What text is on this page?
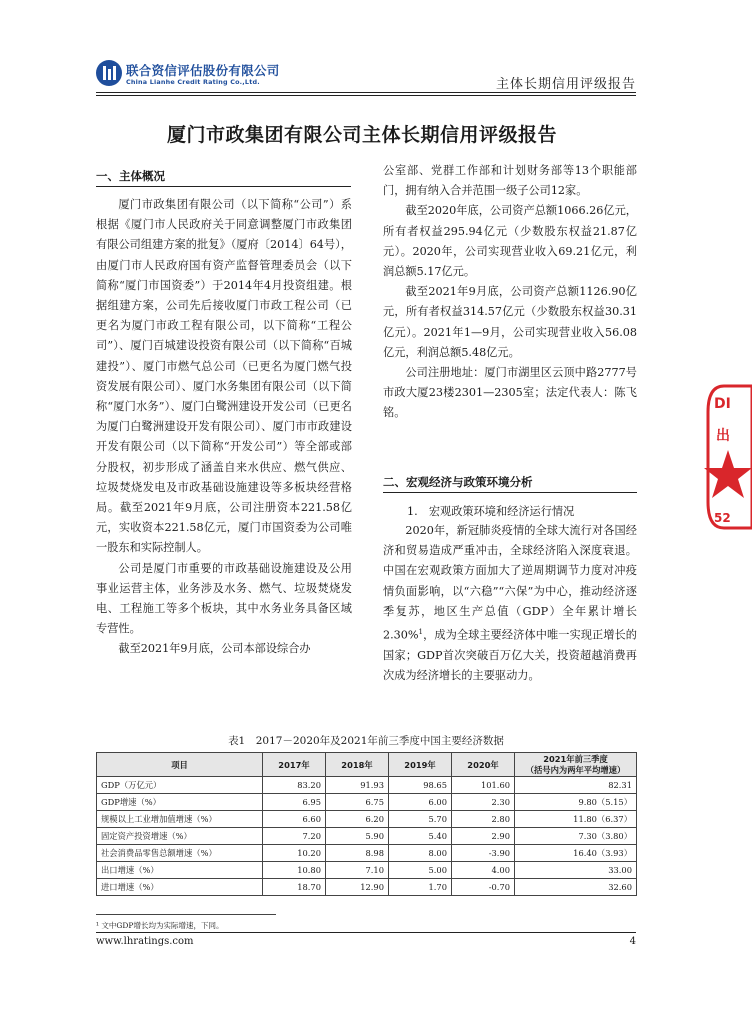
联合资信评估股份有限公司
China Lianhe Credit Rating Co.,Ltd.	主体长期信用评级报告
厦门市政集团有限公司主体长期信用评级报告
一、主体概况

厦门市政集团有限公司（以下简称“公司”）系根据《厦门市人民政府关于同意调整厦门市政集团有限公司组建方案的批复》（厦府〔2014〕64号），由厦门市人民政府国有资产监督管理委员会（以下简称“厦门市国资委”）于2014年4月投资组建。根据组建方案，公司先后接收厦门市政工程公司（已更名为厦门市政工程有限公司，以下简称“工程公司”）、厦门百城建设投资有限公司（以下简称“百城建投”）、厦门市燃气总公司（已更名为厦门燃气投资发展有限公司）、厦门水务集团有限公司（以下简称“厦门水务”）、厦门白鹭洲建设开发公司（已更名为厦门白鹭洲建设开发有限公司）、厦门市市政建设开发有限公司（以下简称“开发公司”）等全部或部分股权，初步形成了涵盖自来水供应、燃气供应、垃圾焚烧发电及市政基础设施建设等多板块经营格局。截至2021年9月底，公司注册资本221.58亿元，实收资本221.58亿元，厦门市国资委为公司唯一股东和实际控制人。

公司是厦门市重要的市政基础设施建设及公用事业运营主体，业务涉及水务、燃气、垃圾焚烧发电、工程施工等多个板块，其中水务业务具备区域专营性。

截至2021年9月底，公司本部设综合办

公室部、党群工作部和计划财务部等13个职能部门，拥有纳入合并范围一级子公司12家。

截至2020年底，公司资产总额1066.26亿元，所有者权益295.94亿元（少数股东权益21.87亿元）。2020年，公司实现营业收入69.21亿元，利润总额5.17亿元。

截至2021年9月底，公司资产总额1126.90亿元，所有者权益314.57亿元（少数股东权益30.31亿元）。2021年1—9月，公司实现营业收入56.08亿元，利润总额5.48亿元。

公司注册地址：厦门市湖里区云顶中路2777号市政大厦23楼2301—2305室；法定代表人：陈飞铭。

二、宏观经济与政策环境分析
1.　宏观政策环境和经济运行情况

2020年，新冠肺炎疫情的全球大流行对各国经济和贸易造成严重冲击，全球经济陷入深度衰退。中国在宏观政策方面加大了逆周期调节力度对冲疫情负面影响，以“六稳”“六保”为中心，推动经济逐季复苏，地区生产总值（GDP）全年累计增长2.30%$^1$，成为全球主要经济体中唯一实现正增长的国家；GDP首次突破百万亿大关，投资超越消费再次成为经济增长的主要驱动力。

表1　2017－2020年及2021年前三季度中国主要经济数据
项目	2017年	2018年	2019年	2020年	2021年前三季度
（括号内为两年平均增速）

GDP（万亿元）	83.20	91.93	98.65	101.60	82.31
GDP增速（%）	6.95	6.75	6.00	2.30	9.80（5.15）
规模以上工业增加值增速（%）	6.60	6.20	5.70	2.80	11.80（6.37）
固定资产投资增速（%）	7.20	5.90	5.40	2.90	7.30（3.80）
社会消费品零售总额增速（%）	10.20	8.98	8.00	-3.90	16.40（3.93）
出口增速（%）	10.80	7.10	5.00	4.00	33.00
进口增速（%）	18.70	12.90	1.70	-0.70	32.60
¹ 文中GDP增长均为实际增速，下同。
www.lhratings.com	4
DI
出
52
